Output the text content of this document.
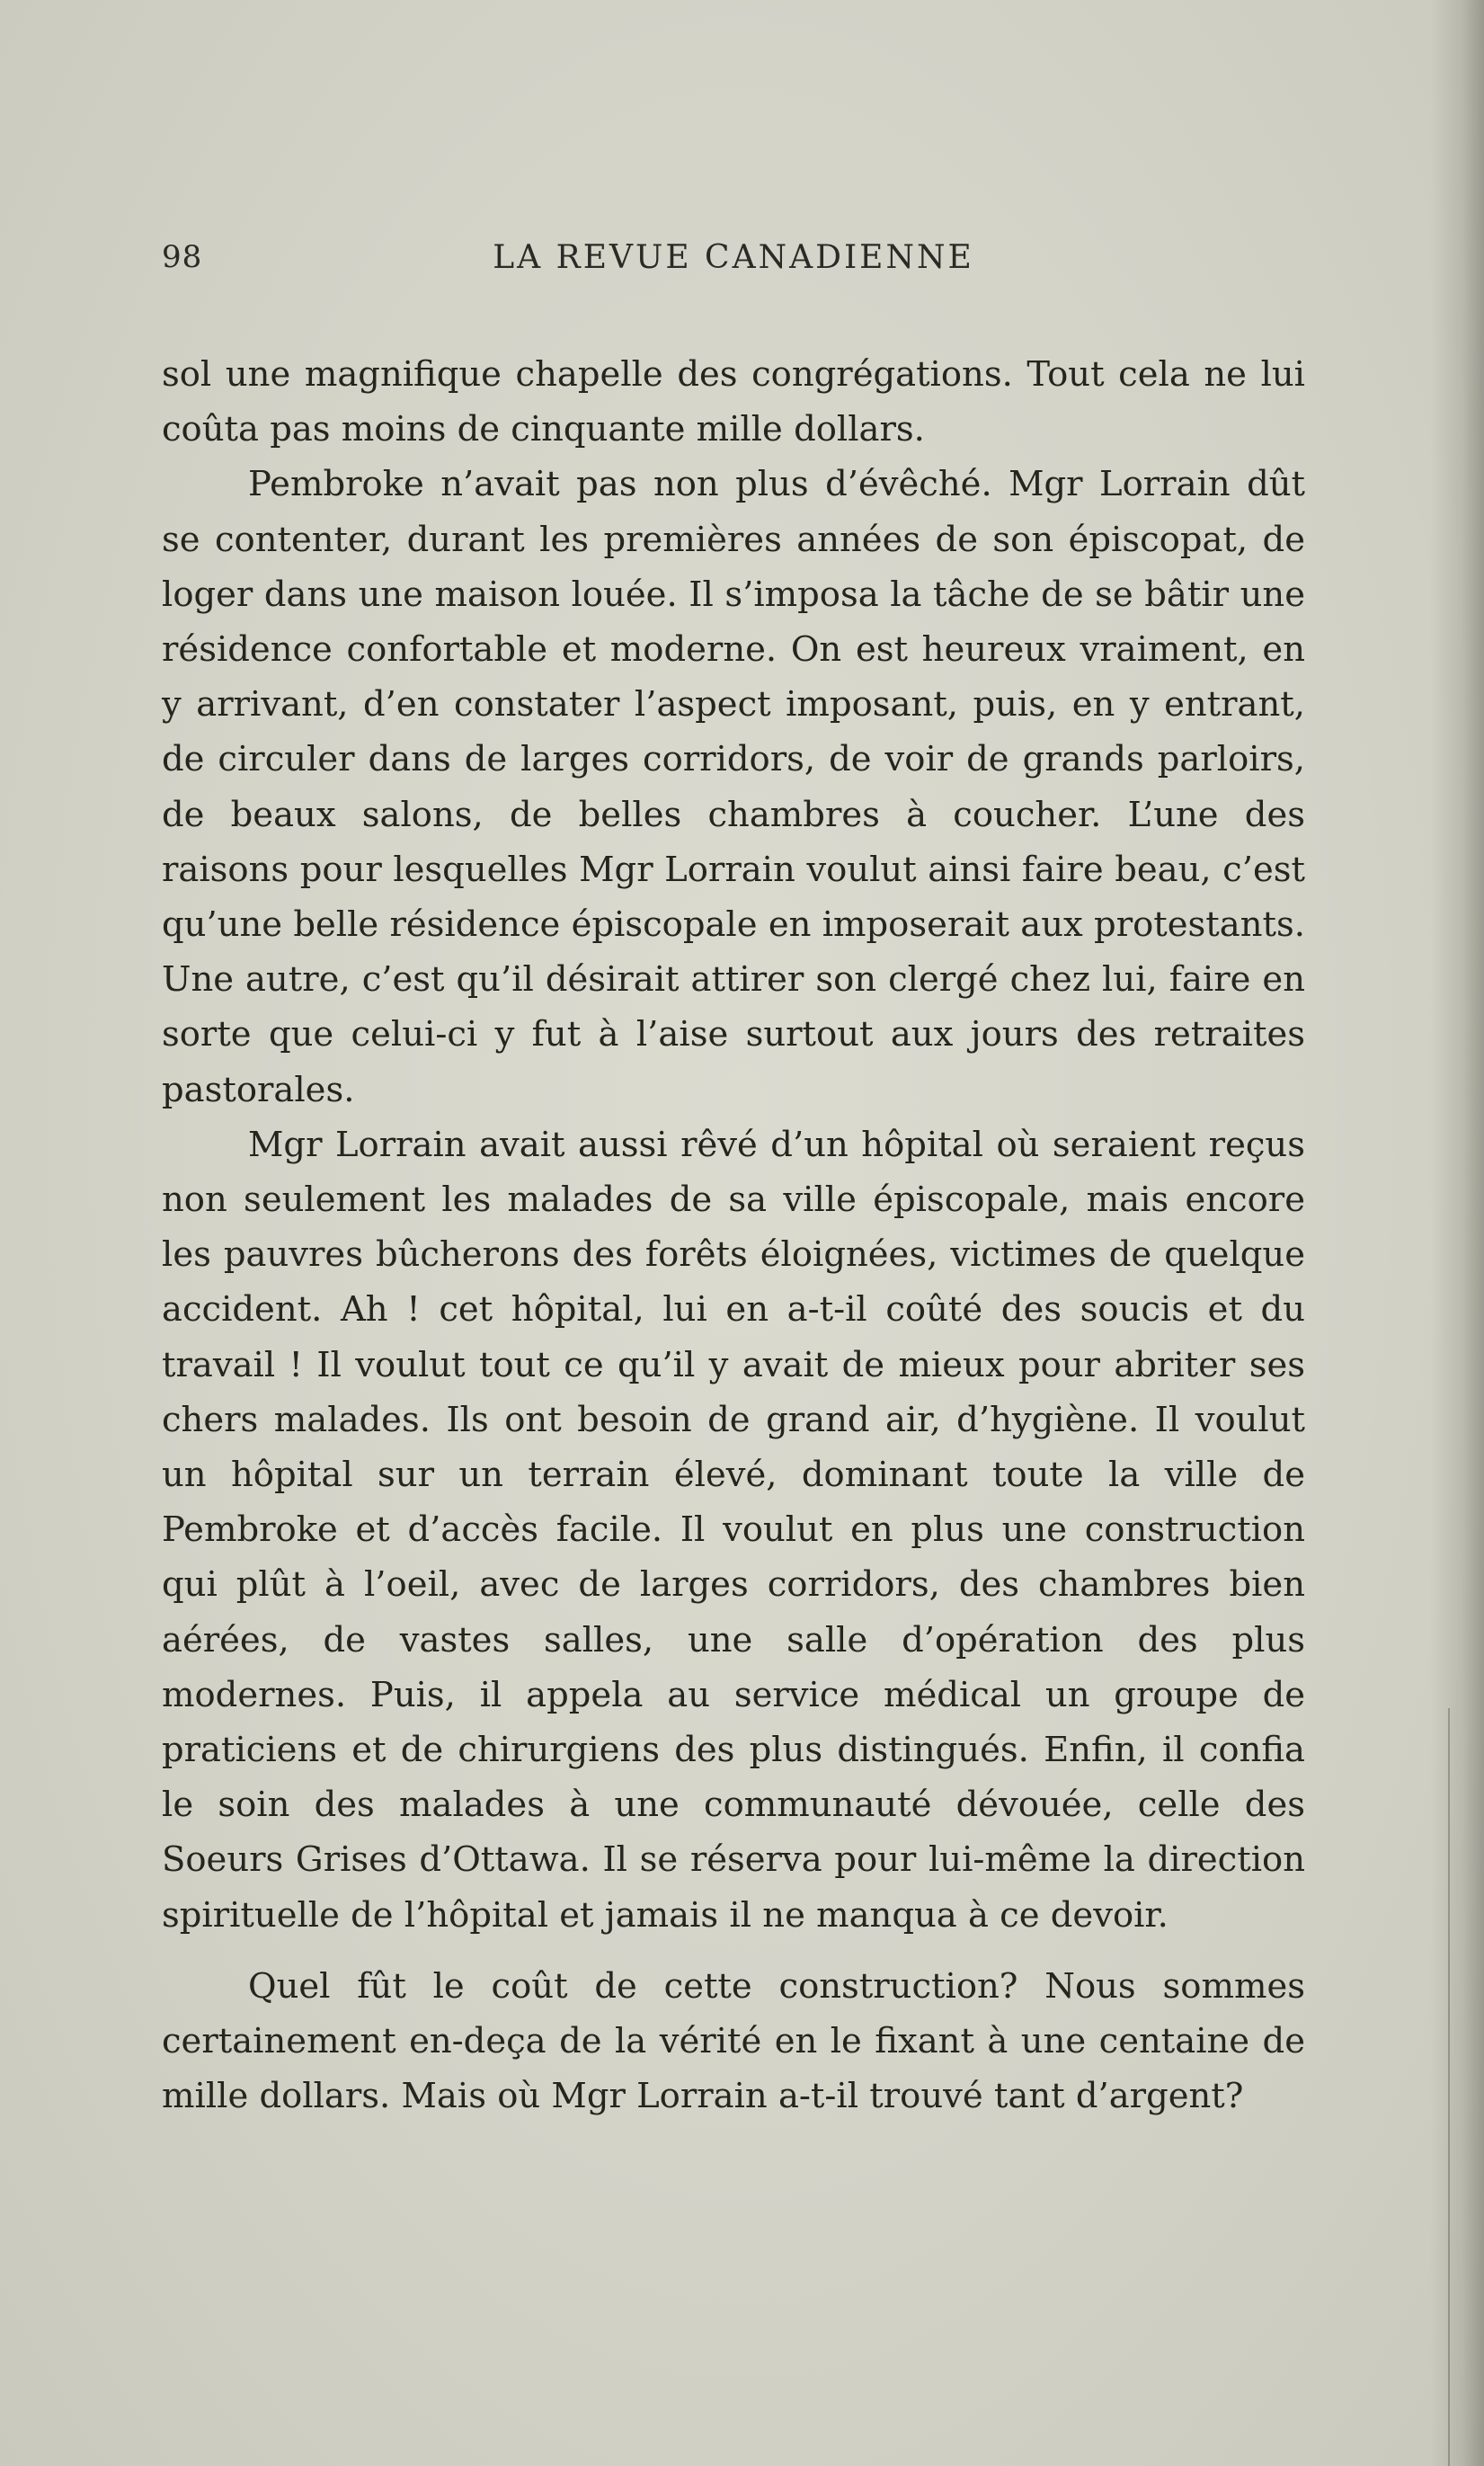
98	LA REVUE CANADIENNE

sol une magnifique chapelle des congrégations. Tout cela ne lui coûta pas moins de cinquante mille dollars.

Pembroke n’avait pas non plus d’évêché. Mgr Lorrain dût se contenter, durant les premières années de son épiscopat, de loger dans une maison louée. Il s’imposa la tâche de se bâtir une résidence confortable et moderne. On est heureux vraiment, en y arrivant, d’en constater l’aspect imposant, puis, en y entrant, de circuler dans de larges corridors, de voir de grands parloirs, de beaux salons, de belles chambres à coucher. L’une des raisons pour lesquelles Mgr Lorrain voulut ainsi faire beau, c’est qu’une belle résidence épiscopale en imposerait aux protestants. Une autre, c’est qu’il désirait attirer son clergé chez lui, faire en sorte que celui-ci y fut à l’aise surtout aux jours des retraites pastorales.

Mgr Lorrain avait aussi rêvé d’un hôpital où seraient reçus non seulement les malades de sa ville épiscopale, mais encore les pauvres bûcherons des forêts éloignées, victimes de quelque accident. Ah ! cet hôpital, lui en a-t-il coûté des soucis et du travail ! Il voulut tout ce qu’il y avait de mieux pour abriter ses chers malades. Ils ont besoin de grand air, d’hygiène. Il voulut un hôpital sur un terrain élevé, dominant toute la ville de Pembroke et d’accès facile. Il voulut en plus une construction qui plût à l’oeil, avec de larges corridors, des chambres bien aérées, de vastes salles, une salle d’opération des plus modernes. Puis, il appela au service médical un groupe de praticiens et de chirurgiens des plus distingués. Enfin, il confia le soin des malades à une communauté dévouée, celle des Soeurs Grises d’Ottawa. Il se réserva pour lui-même la direction spirituelle de l’hôpital et jamais il ne manqua à ce devoir.

Quel fût le coût de cette construction? Nous sommes certainement en-deça de la vérité en le fixant à une centaine de mille dollars. Mais où Mgr Lorrain a-t-il trouvé tant d’argent?
